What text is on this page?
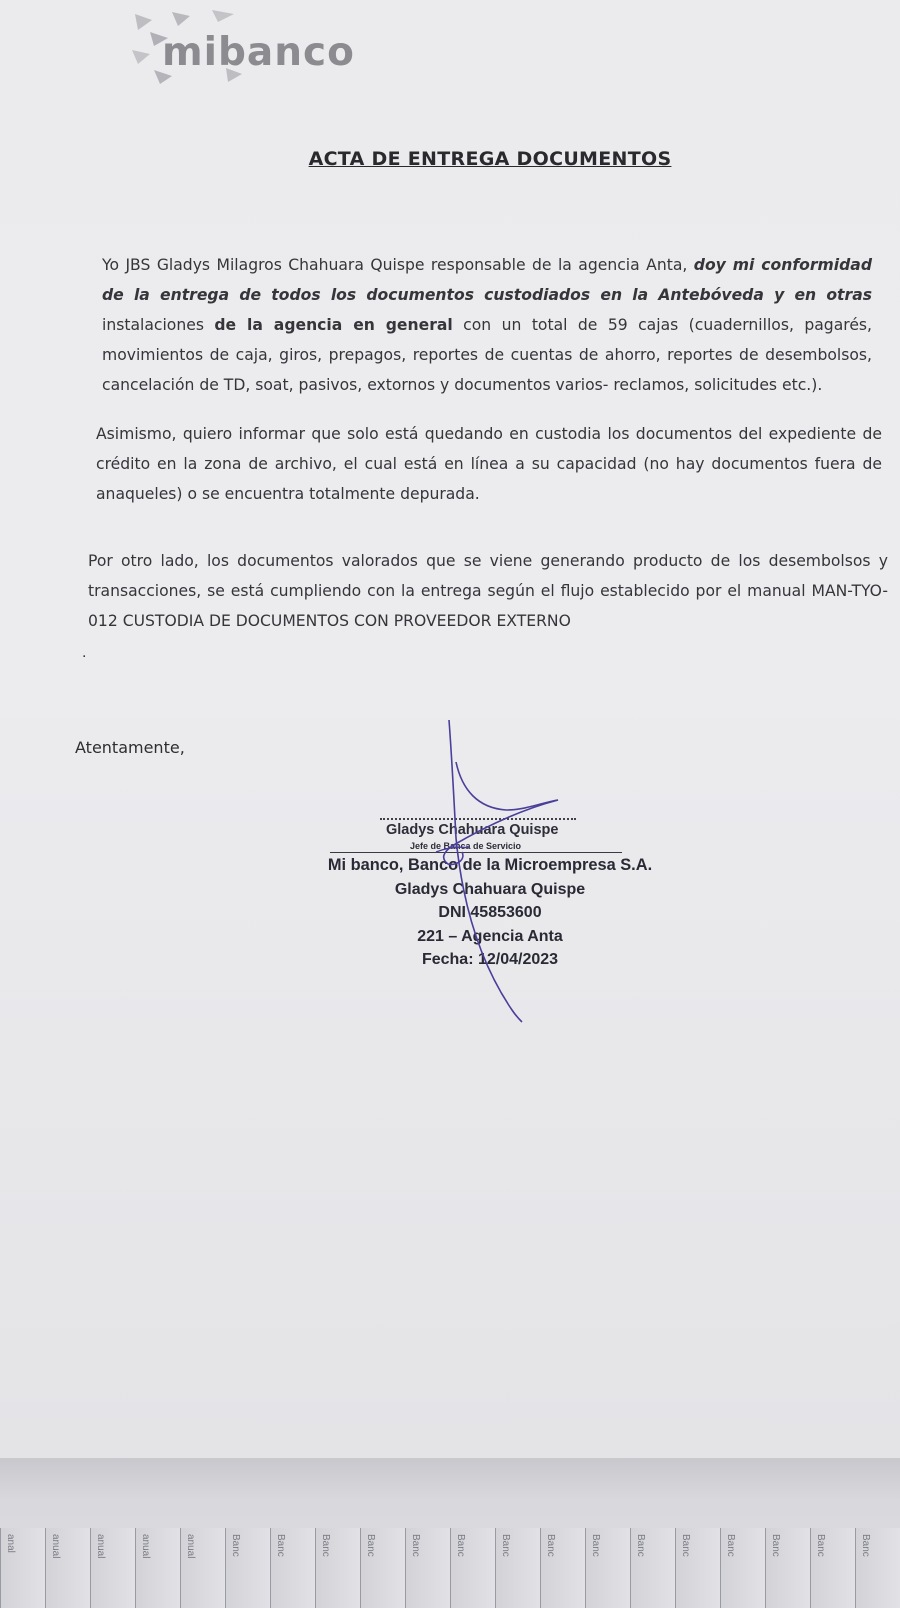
mibanco
ACTA DE ENTREGA DOCUMENTOS
Yo JBS Gladys Milagros Chahuara Quispe responsable de la agencia Anta, doy mi conformidad de la entrega de todos los documentos custodiados en la Antebóveda y en otras instalaciones de la agencia en general con un total de 59 cajas (cuadernillos, pagarés, movimientos de caja, giros, prepagos, reportes de cuentas de ahorro, reportes de desembolsos, cancelación de TD, soat, pasivos, extornos y documentos varios- reclamos, solicitudes etc.).
Asimismo, quiero informar que solo está quedando en custodia los documentos del expediente de crédito en la zona de archivo, el cual está en línea a su capacidad (no hay documentos fuera de anaqueles) o se encuentra totalmente depurada.
Por otro lado, los documentos valorados que se viene generando producto de los desembolsos y transacciones, se está cumpliendo con la entrega según el flujo establecido por el manual MAN-TYO-012 CUSTODIA DE DOCUMENTOS CON PROVEEDOR EXTERNO
.
Atentamente,
Gladys Chahuara Quispe
Jefe de Banca de Servicio
Mi banco, Banco de la Microempresa S.A.
Gladys Chahuara Quispe
DNI 45853600
221 – Agencia Anta
Fecha: 12/04/2023
anal	anual	anual	anual	anual	Banc	Banc	Banc	Banc	Banc	Banc	Banc	Banc	Banc	Banc	Banc	Banc	Banc	Banc	Banc
